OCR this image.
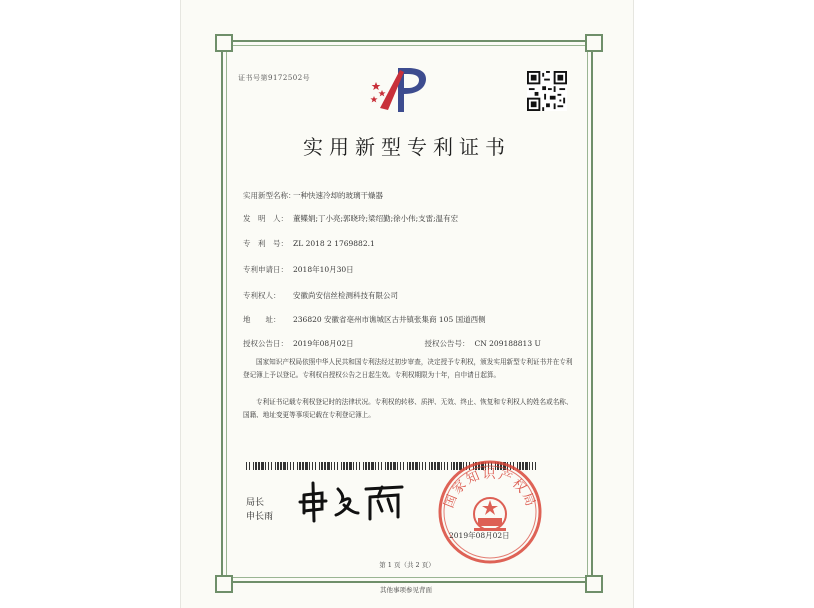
证书号第9172502号
实用新型专利证书
实用新型名称：一种快速冷却的玻璃干燥器
发　明　人： 董鲽娟;丁小亮;郭晓玲;梁绍勤;徐小伟;支雷;温有宏
专　利　号： ZL 2018 2 1769882.1
专利申请日： 2018年10月30日
专利权人： 安徽尚安信丝检测科技有限公司
地　　址： 236820 安徽省亳州市谯城区古井镇张集商 105 国道西侧
授权公告日： 2019年08月02日	授权公告号： CN 209188813 U
国家知识产权局依照中华人民共和国专利法经过初步审查，决定授予专利权，颁发实用新型专利证书并在专利登记簿上予以登记。专利权自授权公告之日起生效。专利权期限为十年，自申请日起算。
专利证书记载专利权登记时的法律状况。专利权的转移、质押、无效、终止、恢复和专利权人的姓名或名称、国籍、地址变更等事项记载在专利登记簿上。
局长
申长雨
国家知识产权局
2019年08月02日
第 1 页（共 2 页）
其他事项参见背面
